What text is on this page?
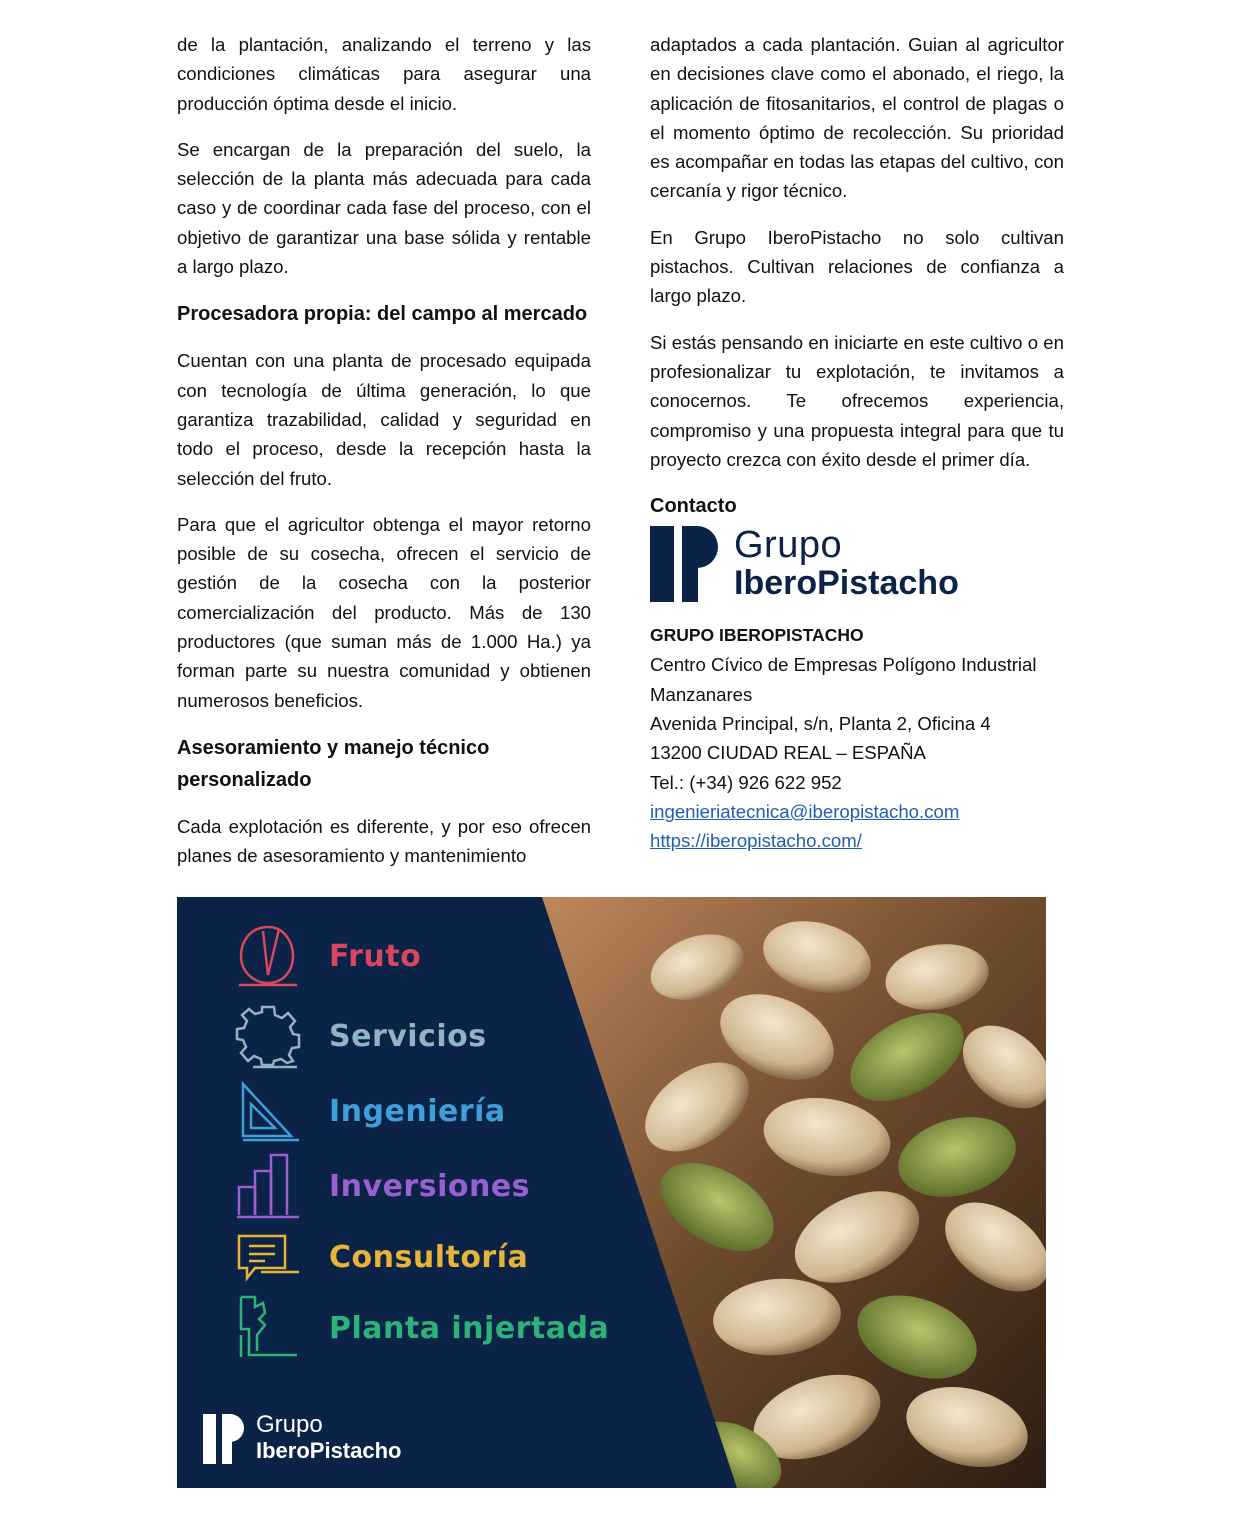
de la plantación, analizando el terreno y las condiciones climáticas para asegurar una producción óptima desde el inicio.

Se encargan de la preparación del suelo, la selección de la planta más adecuada para cada caso y de coordinar cada fase del proceso, con el objetivo de garantizar una base sólida y rentable a largo plazo.

Procesadora propia: del campo al mercado

Cuentan con una planta de procesado equipada con tecnología de última generación, lo que garantiza trazabilidad, calidad y seguridad en todo el proceso, desde la recepción hasta la selección del fruto.

Para que el agricultor obtenga el mayor retorno posible de su cosecha, ofrecen el servicio de gestión de la cosecha con la posterior comercialización del producto. Más de 130 productores (que suman más de 1.000 Ha.) ya forman parte su nuestra comunidad y obtienen numerosos beneficios.

Asesoramiento y manejo técnico personalizado

Cada explotación es diferente, y por eso ofrecen planes de asesoramiento y mantenimiento

adaptados a cada plantación. Guian al agricultor en decisiones clave como el abonado, el riego, la aplicación de fitosanitarios, el control de plagas o el momento óptimo de recolección. Su prioridad es acompañar en todas las etapas del cultivo, con cercanía y rigor técnico.

En Grupo IberoPistacho no solo cultivan pistachos. Cultivan relaciones de confianza a largo plazo.

Si estás pensando en iniciarte en este cultivo o en profesionalizar tu explotación, te invitamos a conocernos. Te ofrecemos experiencia, compromiso y una propuesta integral para que tu proyecto crezca con éxito desde el primer día.

Contacto
Grupo
IberoPistacho
GRUPO IBEROPISTACHO
Centro Cívico de Empresas Polígono Industrial Manzanares
Avenida Principal, s/n, Planta 2, Oficina 4
13200 CIUDAD REAL – ESPAÑA
Tel.: (+34) 926 622 952
ingenieriatecnica@iberopistacho.com
https://iberopistacho.com/
Fruto
Servicios
Ingeniería
Inversiones
Consultoría
Planta injertada
Grupo
IberoPistacho
